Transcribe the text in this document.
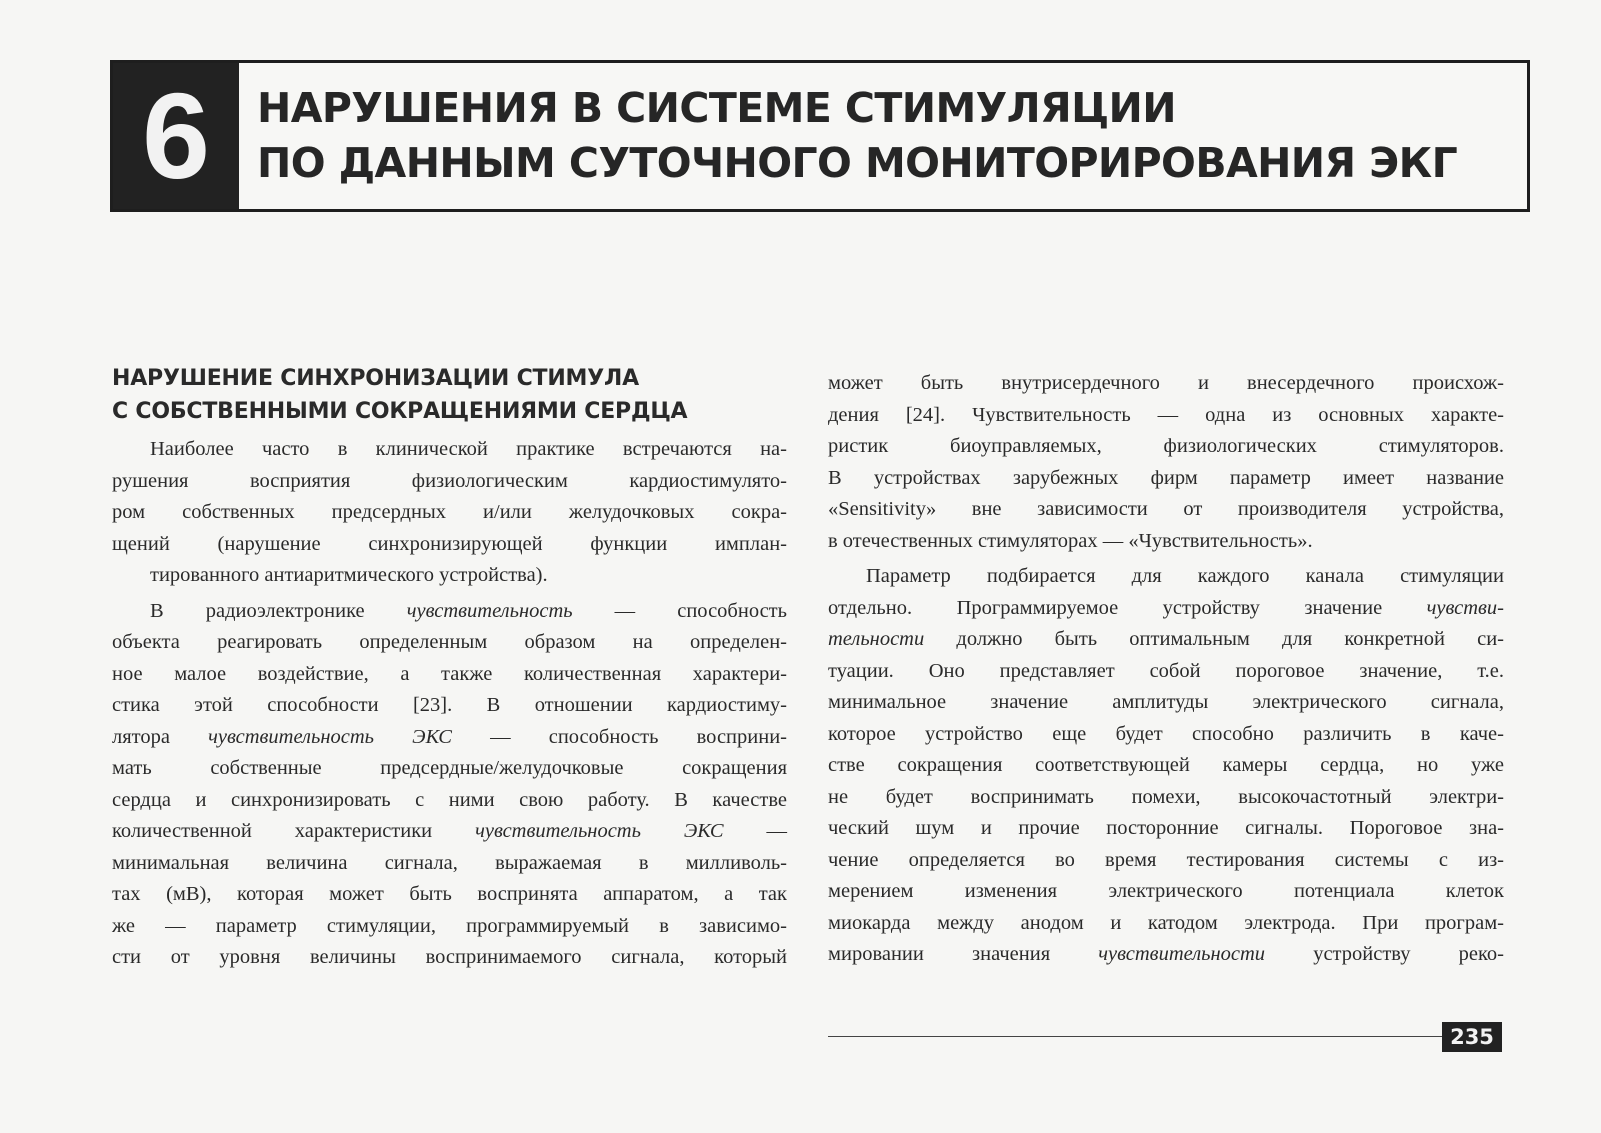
6	НАРУШЕНИЯ В СИСТЕМЕ СТИМУЛЯЦИИ
ПО ДАННЫМ СУТОЧНОГО МОНИТОРИРОВАНИЯ ЭКГ
НАРУШЕНИЕ СИНХРОНИЗАЦИИ СТИМУЛА
С СОБСТВЕННЫМИ СОКРАЩЕНИЯМИ СЕРДЦА
Наиболее часто в клинической практике встречаются на-
рушения восприятия физиологическим кардиостимулято-
ром собственных предсердных и/или желудочковых сокра-
щений (нарушение синхронизирующей функции имплан-
тированного антиаритмического устройства).
В радиоэлектронике чувствительность — способность
объекта реагировать определенным образом на определен-
ное малое воздействие, а также количественная характери-
стика этой способности [23]. В отношении кардиостиму-
лятора чувствительность ЭКС — способность восприни-
мать собственные предсердные/желудочковые сокращения
сердца и синхронизировать с ними свою работу. В качестве
количественной характеристики чувствительность ЭКС —
минимальная величина сигнала, выражаемая в милливоль-
тах (мВ), которая может быть воспринята аппаратом, а так
же — параметр стимуляции, программируемый в зависимо-
сти от уровня величины воспринимаемого сигнала, который
может быть внутрисердечного и внесердечного происхож-
дения [24]. Чувствительность — одна из основных характе-
ристик биоуправляемых, физиологических стимуляторов.
В устройствах зарубежных фирм параметр имеет название
«Sensitivity» вне зависимости от производителя устройства,
в отечественных стимуляторах — «Чувствительность».
Параметр подбирается для каждого канала стимуляции
отдельно. Программируемое устройству значение чувстви-
тельности должно быть оптимальным для конкретной си-
туации. Оно представляет собой пороговое значение, т.е.
минимальное значение амплитуды электрического сигнала,
которое устройство еще будет способно различить в каче-
стве сокращения соответствующей камеры сердца, но уже
не будет воспринимать помехи, высокочастотный электри-
ческий шум и прочие посторонние сигналы. Пороговое зна-
чение определяется во время тестирования системы с из-
мерением изменения электрического потенциала клеток
миокарда между анодом и катодом электрода. При програм-
мировании значения чувствительности устройству реко-
235
